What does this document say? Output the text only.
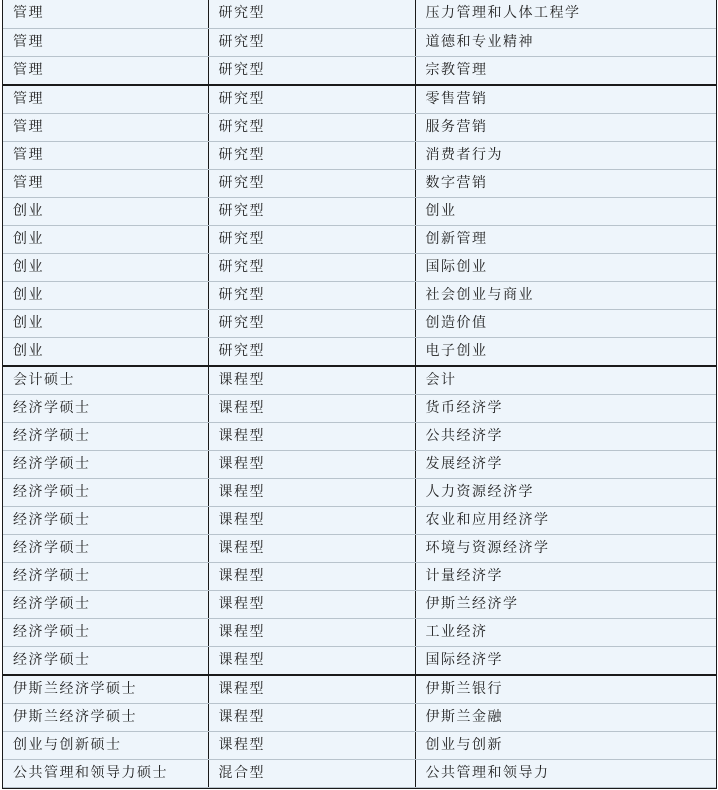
管理	研究型	压力管理和人体工程学
管理	研究型	道德和专业精神
管理	研究型	宗教管理
管理	研究型	零售营销
管理	研究型	服务营销
管理	研究型	消费者行为
管理	研究型	数字营销
创业	研究型	创业
创业	研究型	创新管理
创业	研究型	国际创业
创业	研究型	社会创业与商业
创业	研究型	创造价值
创业	研究型	电子创业
会计硕士	课程型	会计
经济学硕士	课程型	货币经济学
经济学硕士	课程型	公共经济学
经济学硕士	课程型	发展经济学
经济学硕士	课程型	人力资源经济学
经济学硕士	课程型	农业和应用经济学
经济学硕士	课程型	环境与资源经济学
经济学硕士	课程型	计量经济学
经济学硕士	课程型	伊斯兰经济学
经济学硕士	课程型	工业经济
经济学硕士	课程型	国际经济学
伊斯兰经济学硕士	课程型	伊斯兰银行
伊斯兰经济学硕士	课程型	伊斯兰金融
创业与创新硕士	课程型	创业与创新
公共管理和领导力硕士	混合型	公共管理和领导力
